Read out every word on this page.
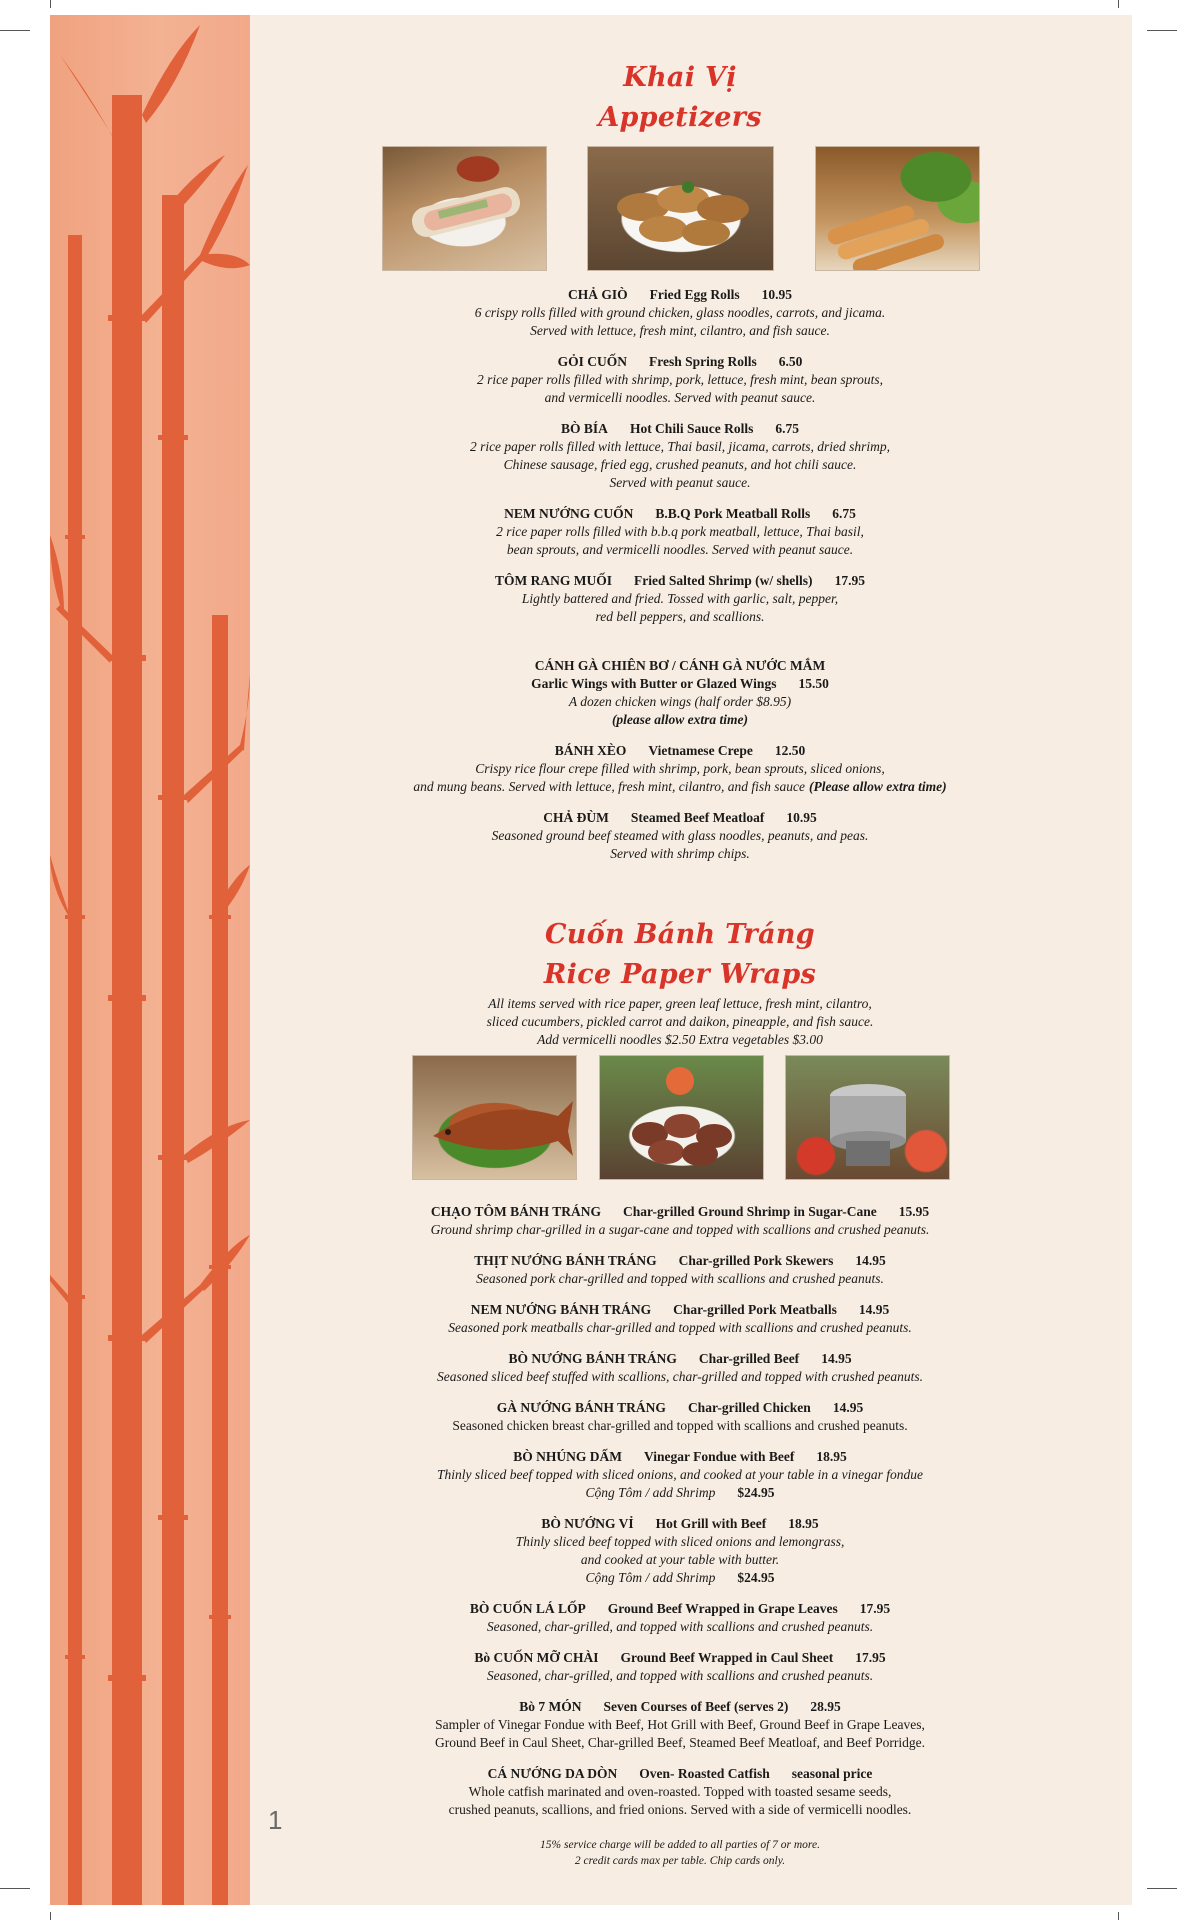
1
Khai Vị
Appetizers
CHẢ GIÒ Fried Egg Rolls 10.95
6 crispy rolls filled with ground chicken, glass noodles, carrots, and jicama.
Served with lettuce, fresh mint, cilantro, and fish sauce.
GỎI CUỐN Fresh Spring Rolls 6.50
2 rice paper rolls filled with shrimp, pork, lettuce, fresh mint, bean sprouts,
and vermicelli noodles. Served with peanut sauce.
BÒ BÍA Hot Chili Sauce Rolls 6.75
2 rice paper rolls filled with lettuce, Thai basil, jicama, carrots, dried shrimp,
Chinese sausage, fried egg, crushed peanuts, and hot chili sauce.
Served with peanut sauce.
NEM NƯỚNG CUỐN B.B.Q Pork Meatball Rolls 6.75
2 rice paper rolls filled with b.b.q pork meatball, lettuce, Thai basil,
bean sprouts, and vermicelli noodles. Served with peanut sauce.
TÔM RANG MUỐI Fried Salted Shrimp (w/ shells) 17.95
Lightly battered and fried. Tossed with garlic, salt, pepper,
red bell peppers, and scallions.
CÁNH GÀ CHIÊN BƠ / CÁNH GÀ NƯỚC MẮM
Garlic Wings with Butter or Glazed Wings 15.50
A dozen chicken wings (half order $8.95)
(please allow extra time)
BÁNH XÈO Vietnamese Crepe 12.50
Crispy rice flour crepe filled with shrimp, pork, bean sprouts, sliced onions,
and mung beans. Served with lettuce, fresh mint, cilantro, and fish sauce (Please allow extra time)
CHẢ ĐÙM Steamed Beef Meatloaf 10.95
Seasoned ground beef steamed with glass noodles, peanuts, and peas.
Served with shrimp chips.
Cuốn Bánh Tráng
Rice Paper Wraps
All items served with rice paper, green leaf lettuce, fresh mint, cilantro,
sliced cucumbers, pickled carrot and daikon, pineapple, and fish sauce.
Add vermicelli noodles $2.50 Extra vegetables $3.00
CHẠO TÔM BÁNH TRÁNG Char-grilled Ground Shrimp in Sugar-Cane 15.95
Ground shrimp char-grilled in a sugar-cane and topped with scallions and crushed peanuts.
THỊT NƯỚNG BÁNH TRÁNG Char-grilled Pork Skewers 14.95
Seasoned pork char-grilled and topped with scallions and crushed peanuts.
NEM NƯỚNG BÁNH TRÁNG Char-grilled Pork Meatballs 14.95
Seasoned pork meatballs char-grilled and topped with scallions and crushed peanuts.
BÒ NƯỚNG BÁNH TRÁNG Char-grilled Beef 14.95
Seasoned sliced beef stuffed with scallions, char-grilled and topped with crushed peanuts.
GÀ NƯỚNG BÁNH TRÁNG Char-grilled Chicken 14.95
Seasoned chicken breast char-grilled and topped with scallions and crushed peanuts.
BÒ NHÚNG DẤM Vinegar Fondue with Beef 18.95
Thinly sliced beef topped with sliced onions, and cooked at your table in a vinegar fondue
Cộng Tôm / add Shrimp $24.95
BÒ NƯỚNG VỈ Hot Grill with Beef 18.95
Thinly sliced beef topped with sliced onions and lemongrass,
and cooked at your table with butter.
Cộng Tôm / add Shrimp $24.95
BÒ CUỐN LÁ LỐP Ground Beef Wrapped in Grape Leaves 17.95
Seasoned, char-grilled, and topped with scallions and crushed peanuts.
Bò CUỐN MỠ CHÀI Ground Beef Wrapped in Caul Sheet 17.95
Seasoned, char-grilled, and topped with scallions and crushed peanuts.
Bò 7 MÓN Seven Courses of Beef (serves 2) 28.95
Sampler of Vinegar Fondue with Beef, Hot Grill with Beef, Ground Beef in Grape Leaves,
Ground Beef in Caul Sheet, Char-grilled Beef, Steamed Beef Meatloaf, and Beef Porridge.
CÁ NƯỚNG DA DÒN Oven- Roasted Catfish seasonal price
Whole catfish marinated and oven-roasted. Topped with toasted sesame seeds,
crushed peanuts, scallions, and fried onions. Served with a side of vermicelli noodles.
15% service charge will be added to all parties of 7 or more.
2 credit cards max per table. Chip cards only.
